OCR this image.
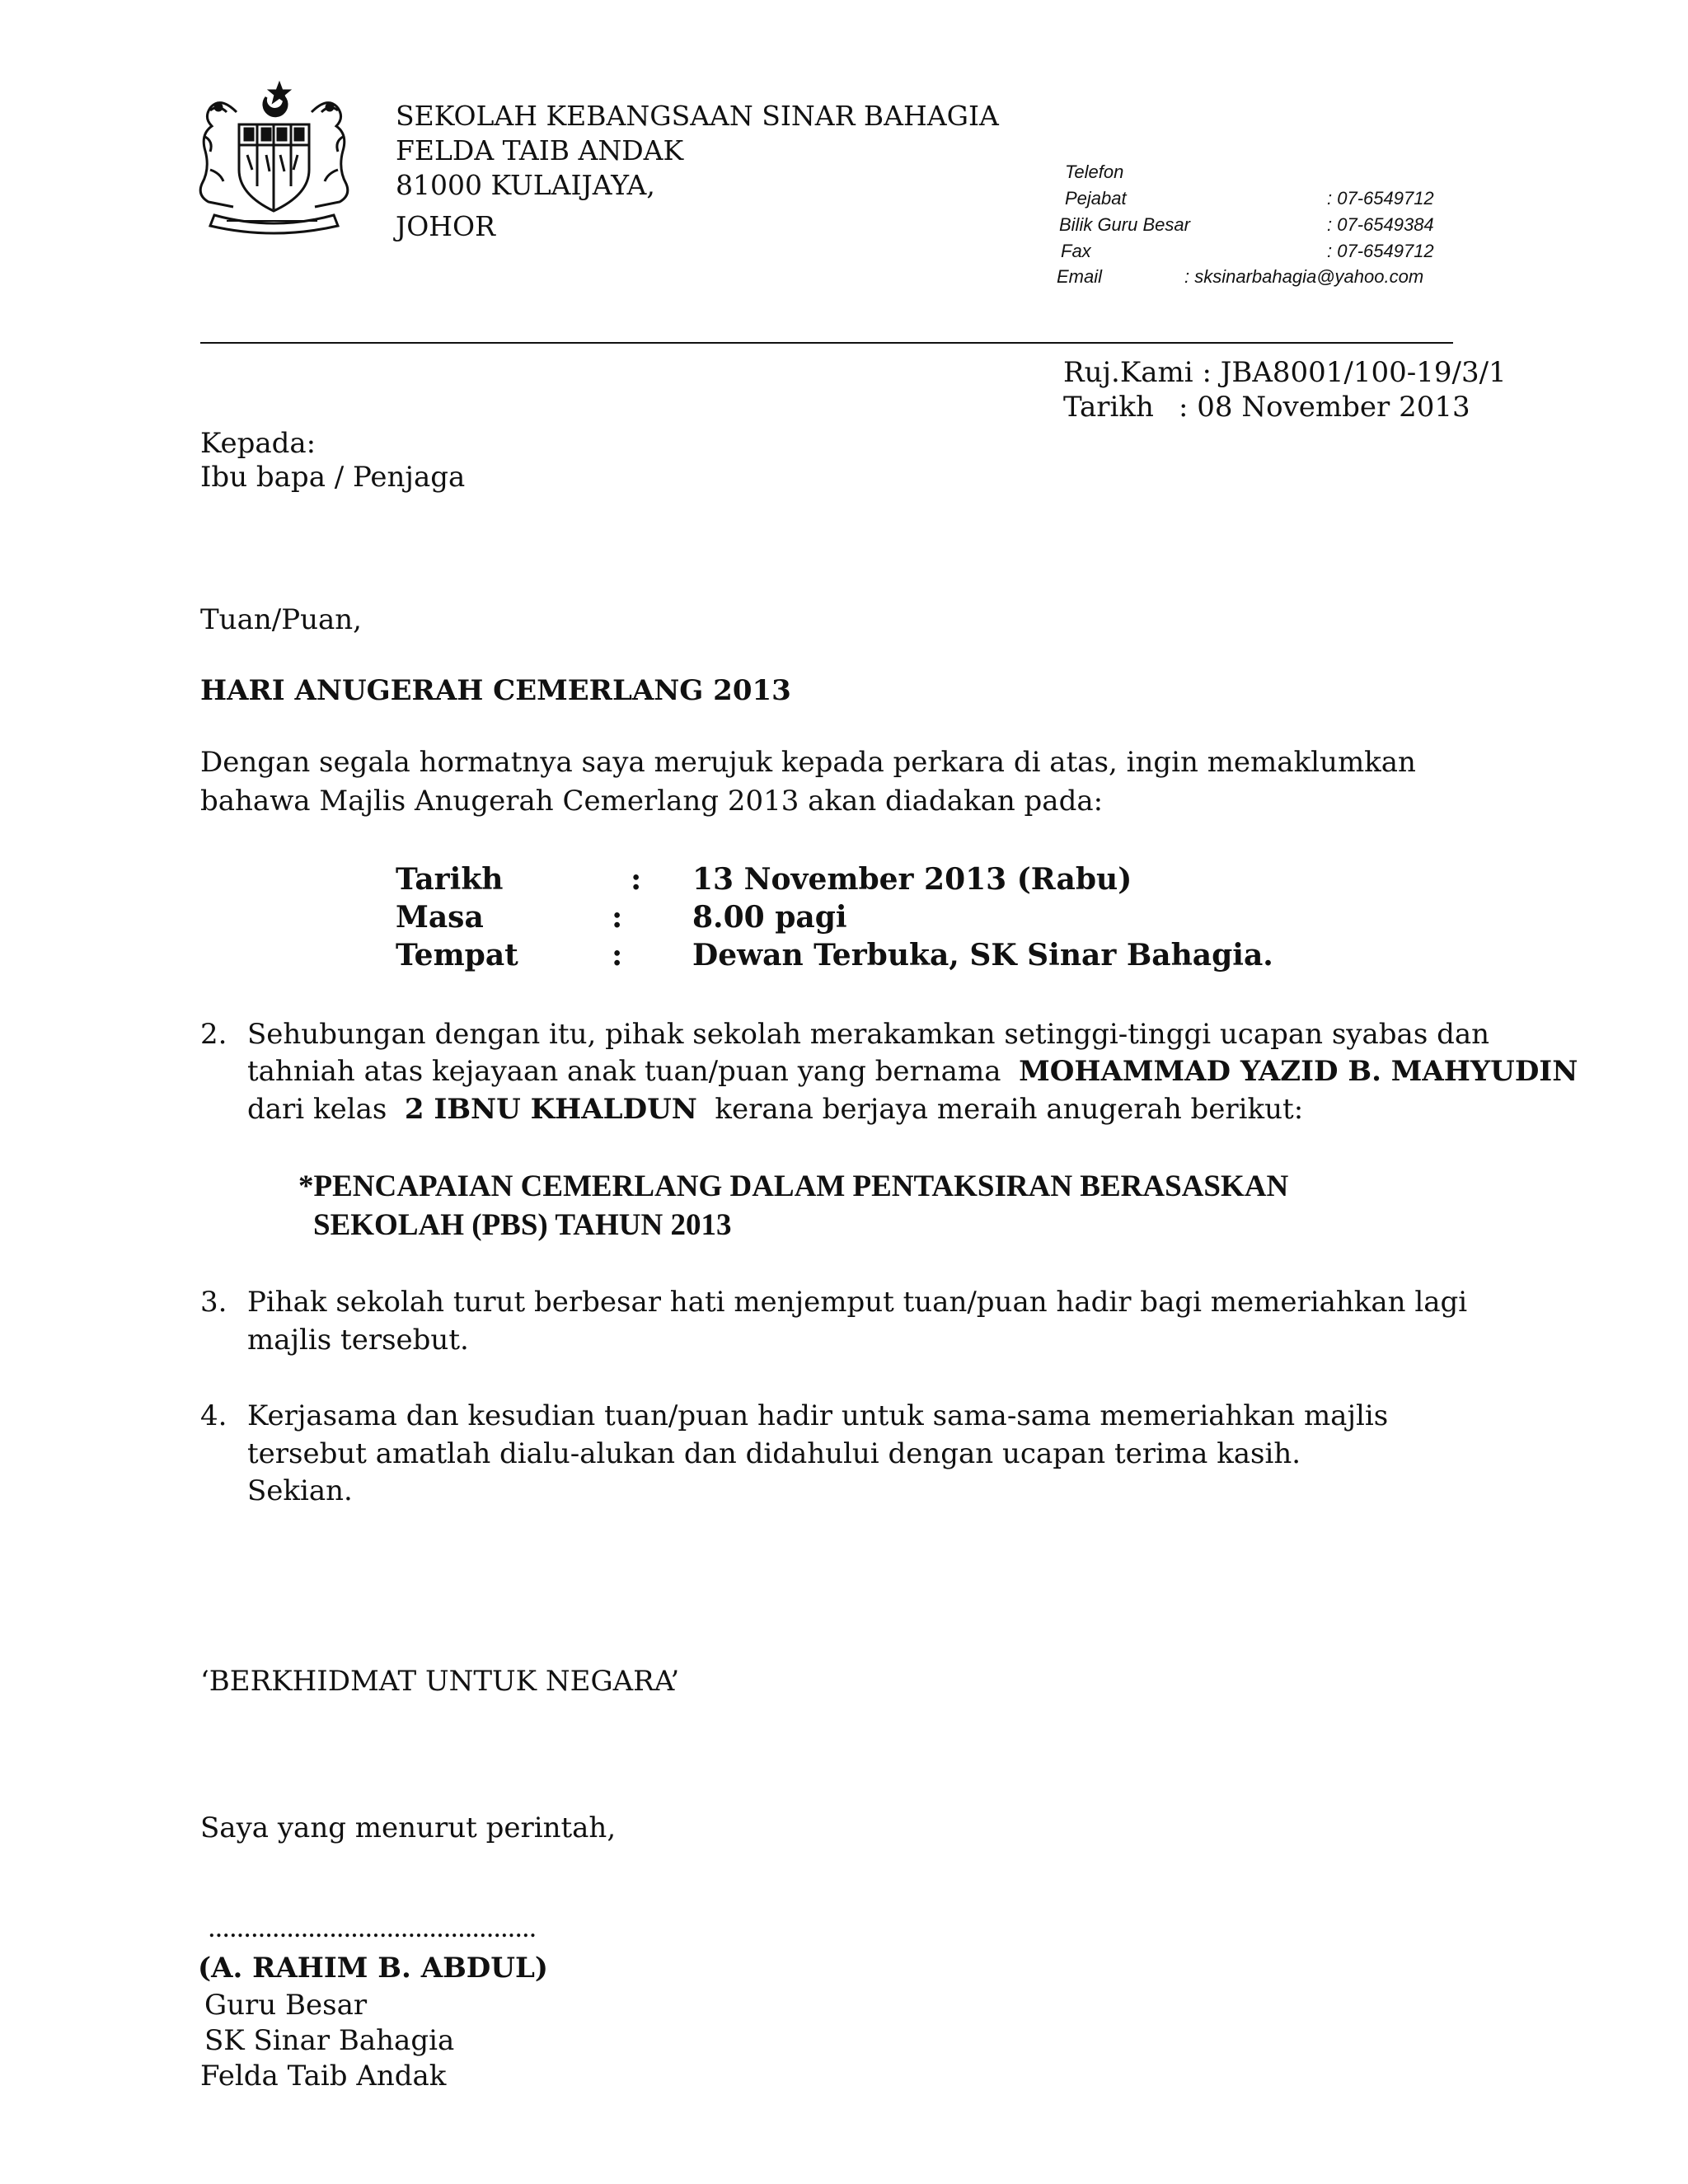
SEKOLAH KEBANGSAAN SINAR BAHAGIA
FELDA TAIB ANDAK
81000 KULAIJAYA,
JOHOR
Telefon
Pejabat	: 07-6549712
Bilik Guru Besar	: 07-6549384
Fax	: 07-6549712
Email	: sksinarbahagia@yahoo.com
Ruj.Kami : JBA8001/100-19/3/1
Tarikh : 08 November 2013
Kepada:
Ibu bapa / Penjaga
Tuan/Puan,
HARI ANUGERAH CEMERLANG 2013
Dengan segala hormatnya saya merujuk kepada perkara di atas, ingin memaklumkan
bahawa Majlis Anugerah Cemerlang 2013 akan diadakan pada:
Tarikh	: 13 November 2013 (Rabu)
Masa	: 8.00 pagi
Tempat	: Dewan Terbuka, SK Sinar Bahagia.
2. Sehubungan dengan itu, pihak sekolah merakamkan setinggi-tinggi ucapan syabas dan
tahniah atas kejayaan anak tuan/puan yang bernama MOHAMMAD YAZID B. MAHYUDIN
dari kelas 2 IBNU KHALDUN kerana berjaya meraih anugerah berikut:
*PENCAPAIAN CEMERLANG DALAM PENTAKSIRAN BERASASKAN
SEKOLAH (PBS) TAHUN 2013
3. Pihak sekolah turut berbesar hati menjemput tuan/puan hadir bagi memeriahkan lagi
majlis tersebut.
4. Kerjasama dan kesudian tuan/puan hadir untuk sama-sama memeriahkan majlis
tersebut amatlah dialu-alukan dan didahului dengan ucapan terima kasih.
Sekian.
‘BERKHIDMAT UNTUK NEGARA’
Saya yang menurut perintah,
..............................................
(A. RAHIM B. ABDUL)
Guru Besar
SK Sinar Bahagia
Felda Taib Andak
